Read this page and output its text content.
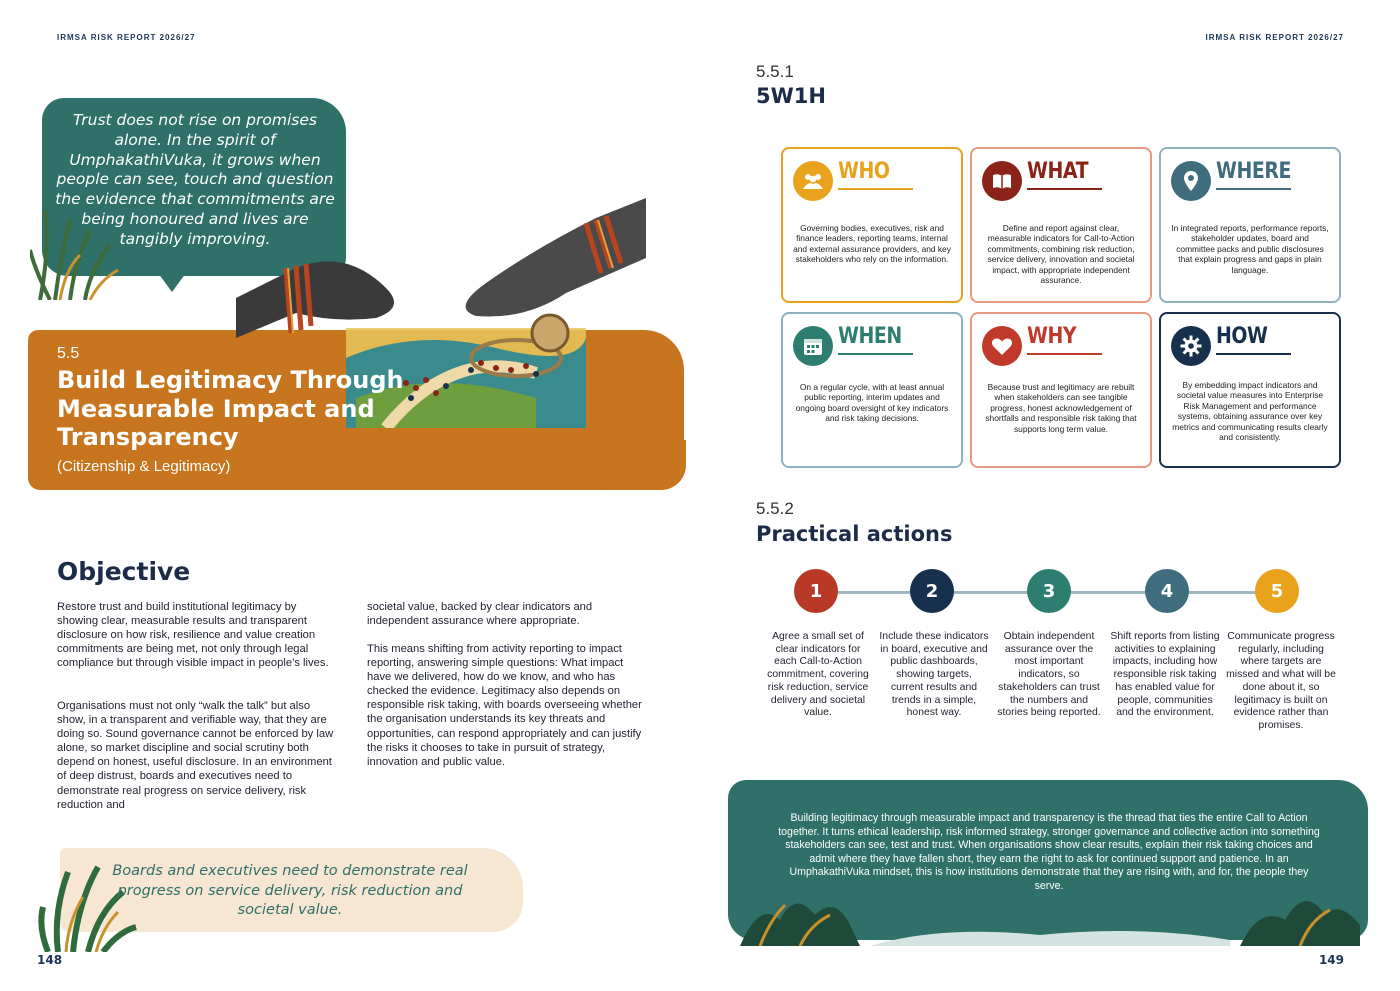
IRMSA RISK REPORT 2026/27	IRMSA RISK REPORT 2026/27
148	149
Trust does not rise on promises alone. In the spirit of UmphakathiVuka, it grows when people can see, touch and question the evidence that commitments are being honoured and lives are tangibly improving.
5.5
Build Legitimacy Through Measurable Impact and Transparency
(Citizenship & Legitimacy)
Objective
Restore trust and build institutional legitimacy by showing clear, measurable results and transparent disclosure on how risk, resilience and value creation commitments are being met, not only through legal compliance but through visible impact in people’s lives.
Organisations must not only “walk the talk” but also show, in a transparent and verifiable way, that they are doing so. Sound governance cannot be enforced by law alone, so market discipline and social scrutiny both depend on honest, useful disclosure. In an environment of deep distrust, boards and executives need to demonstrate real progress on service delivery, risk reduction and
societal value, backed by clear indicators and independent assurance where appropriate.
This means shifting from activity reporting to impact reporting, answering simple questions: What impact have we delivered, how do we know, and who has checked the evidence. Legitimacy also depends on responsible risk taking, with boards overseeing whether the organisation understands its key threats and opportunities, can respond appropriately and can justify the risks it chooses to take in pursuit of strategy, innovation and public value.
Boards and executives need to demonstrate real progress on service delivery, risk reduction and societal value.
5.5.1
5W1H
WHO
Governing bodies, executives, risk and finance leaders, reporting teams, internal and external assurance providers, and key stakeholders who rely on the information.
WHAT
Define and report against clear, measurable indicators for Call-to-Action commitments, combining risk reduction, service delivery, innovation and societal impact, with appropriate independent assurance.
WHERE
In integrated reports, performance reports, stakeholder updates, board and committee packs and public disclosures that explain progress and gaps in plain language.
WHEN
On a regular cycle, with at least annual public reporting, interim updates and ongoing board oversight of key indicators and risk taking decisions.
WHY
Because trust and legitimacy are rebuilt when stakeholders can see tangible progress, honest acknowledgement of shortfalls and responsible risk taking that supports long term value.
HOW
By embedding impact indicators and societal value measures into Enterprise Risk Management and performance systems, obtaining assurance over key metrics and communicating results clearly and consistently.
5.5.2
Practical actions
1	2	3	4	5
Agree a small set of clear indicators for each Call-to-Action commitment, covering risk reduction, service delivery and societal value.
Include these indicators in board, executive and public dashboards, showing targets, current results and trends in a simple, honest way.
Obtain independent assurance over the most important indicators, so stakeholders can trust the numbers and stories being reported.
Shift reports from listing activities to explaining impacts, including how responsible risk taking has enabled value for people, communities and the environment.
Communicate progress regularly, including where targets are missed and what will be done about it, so legitimacy is built on evidence rather than promises.
Building legitimacy through measurable impact and transparency is the thread that ties the entire Call to Action together. It turns ethical leadership, risk informed strategy, stronger governance and collective action into something stakeholders can see, test and trust. When organisations show clear results, explain their risk taking choices and admit where they have fallen short, they earn the right to ask for continued support and patience. In an UmphakathiVuka mindset, this is how institutions demonstrate that they are rising with, and for, the people they serve.
